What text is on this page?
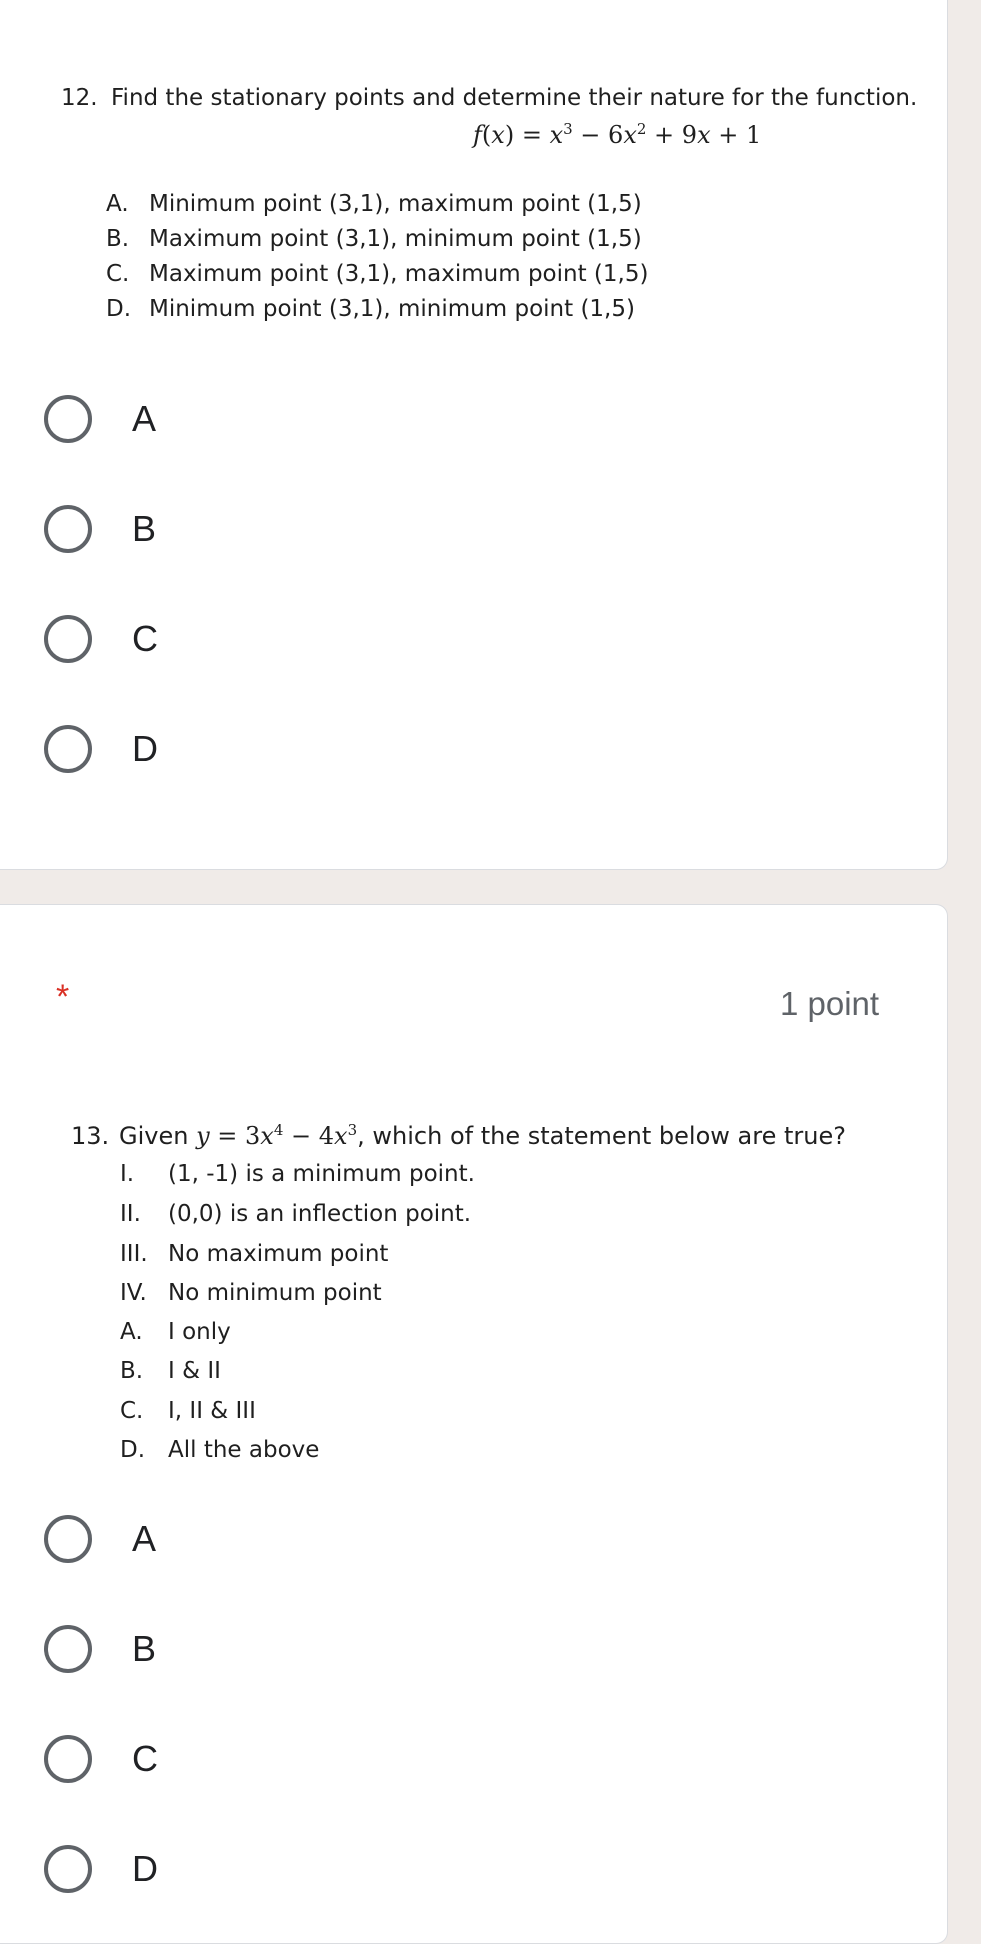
12. Find the stationary points and determine their nature for the function.
$f(x) = x^3 - 6x^2 + 9x + 1$
A. Minimum point (3,1), maximum point (1,5)
B. Maximum point (3,1), minimum point (1,5)
C. Maximum point (3,1), maximum point (1,5)
D. Minimum point (3,1), minimum point (1,5)
A
B
C
D
*	1 point
13. Given $y = 3x^4 - 4x^3$, which of the statement below are true?
I. (1, -1) is a minimum point.
II. (0,0) is an inflection point.
III. No maximum point
IV. No minimum point
A. I only
B. I & II
C. I, II & III
D. All the above
A
B
C
D
